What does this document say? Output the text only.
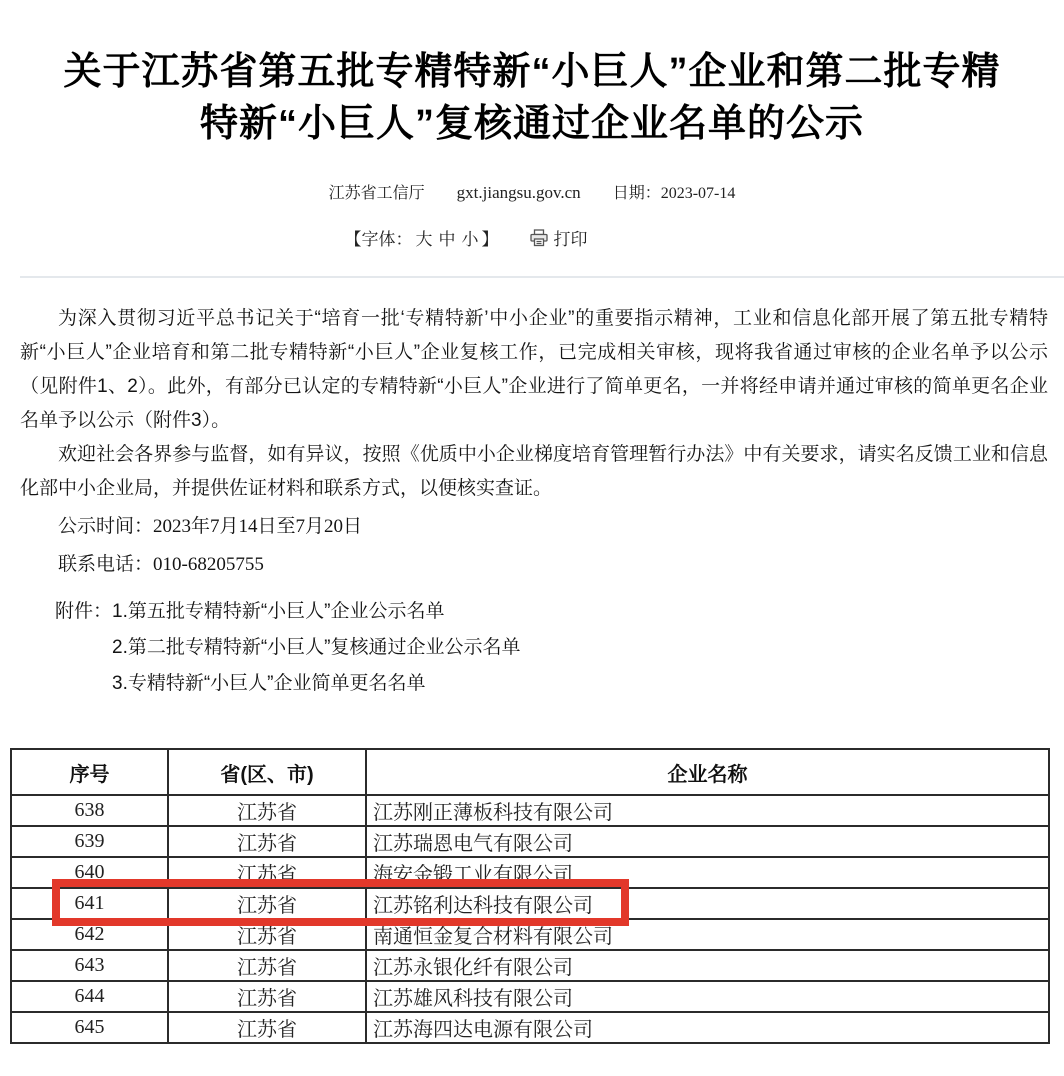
关于江苏省第五批专精特新“小巨人”企业和第二批专精
特新“小巨人”复核通过企业名单的公示
江苏省工信厅 gxt.jiangsu.gov.cn 日期：2023-07-14
【字体： 大 中 小 】	打印

为深入贯彻习近平总书记关于“培育一批‘专精特新’中小企业”的重要指示精神，工业和信息化部开展了第五批专精特新“小巨人”企业培育和第二批专精特新“小巨人”企业复核工作，已完成相关审核，现将我省通过审核的企业名单予以公示（见附件1、2）。此外，有部分已认定的专精特新“小巨人”企业进行了简单更名，一并将经申请并通过审核的简单更名企业名单予以公示（附件3）。

欢迎社会各界参与监督，如有异议，按照《优质中小企业梯度培育管理暂行办法》中有关要求，请实名反馈工业和信息化部中小企业局，并提供佐证材料和联系方式，以便核实查证。

公示时间：2023年7月14日至7月20日
联系电话：010-68205755
附件：1.第五批专精特新“小巨人”企业公示名单
2.第二批专精特新“小巨人”复核通过企业公示名单
3.专精特新“小巨人”企业简单更名名单
序号	省(区、市)	企业名称
638	江苏省	江苏刚正薄板科技有限公司
639	江苏省	江苏瑞恩电气有限公司
640	江苏省	海安金锻工业有限公司
641	江苏省	江苏铭利达科技有限公司
642	江苏省	南通恒金复合材料有限公司
643	江苏省	江苏永银化纤有限公司
644	江苏省	江苏雄风科技有限公司
645	江苏省	江苏海四达电源有限公司
